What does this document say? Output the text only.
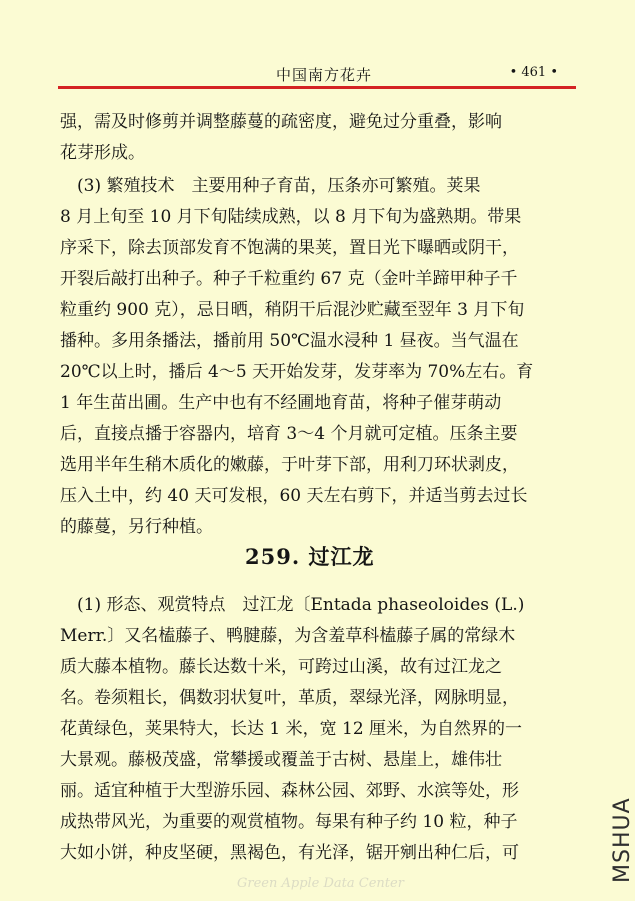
中国南方花卉	• 461 •
强，需及时修剪并调整藤蔓的疏密度，避免过分重叠，影响
花芽形成。
　(3) 繁殖技术　主要用种子育苗，压条亦可繁殖。荚果
8 月上旬至 10 月下旬陆续成熟，以 8 月下旬为盛熟期。带果
序采下，除去顶部发育不饱满的果荚，置日光下曝晒或阴干，
开裂后敲打出种子。种子千粒重约 67 克（金叶羊蹄甲种子千
粒重约 900 克），忌日晒，稍阴干后混沙贮藏至翌年 3 月下旬
播种。多用条播法，播前用 50℃温水浸种 1 昼夜。当气温在
20℃以上时，播后 4～5 天开始发芽，发芽率为 70%左右。育
1 年生苗出圃。生产中也有不经圃地育苗，将种子催芽萌动
后，直接点播于容器内，培育 3～4 个月就可定植。压条主要
选用半年生稍木质化的嫩藤，于叶芽下部，用利刀环状剥皮，
压入土中，约 40 天可发根，60 天左右剪下，并适当剪去过长
的藤蔓，另行种植。
259. 过江龙
　(1) 形态、观赏特点　过江龙〔Entada phaseoloides (L.)
Merr.〕又名榼藤子、鸭腱藤，为含羞草科榼藤子属的常绿木
质大藤本植物。藤长达数十米，可跨过山溪，故有过江龙之
名。卷须粗长，偶数羽状复叶，革质，翠绿光泽，网脉明显，
花黄绿色，荚果特大，长达 1 米，宽 12 厘米，为自然界的一
大景观。藤极茂盛，常攀援或覆盖于古树、悬崖上，雄伟壮
丽。适宜种植于大型游乐园、森林公园、郊野、水滨等处，形
成热带风光，为重要的观赏植物。每果有种子约 10 粒，种子
大如小饼，种皮坚硬，黑褐色，有光泽，锯开剜出种仁后，可
Green Apple Data Center
MSHUA
